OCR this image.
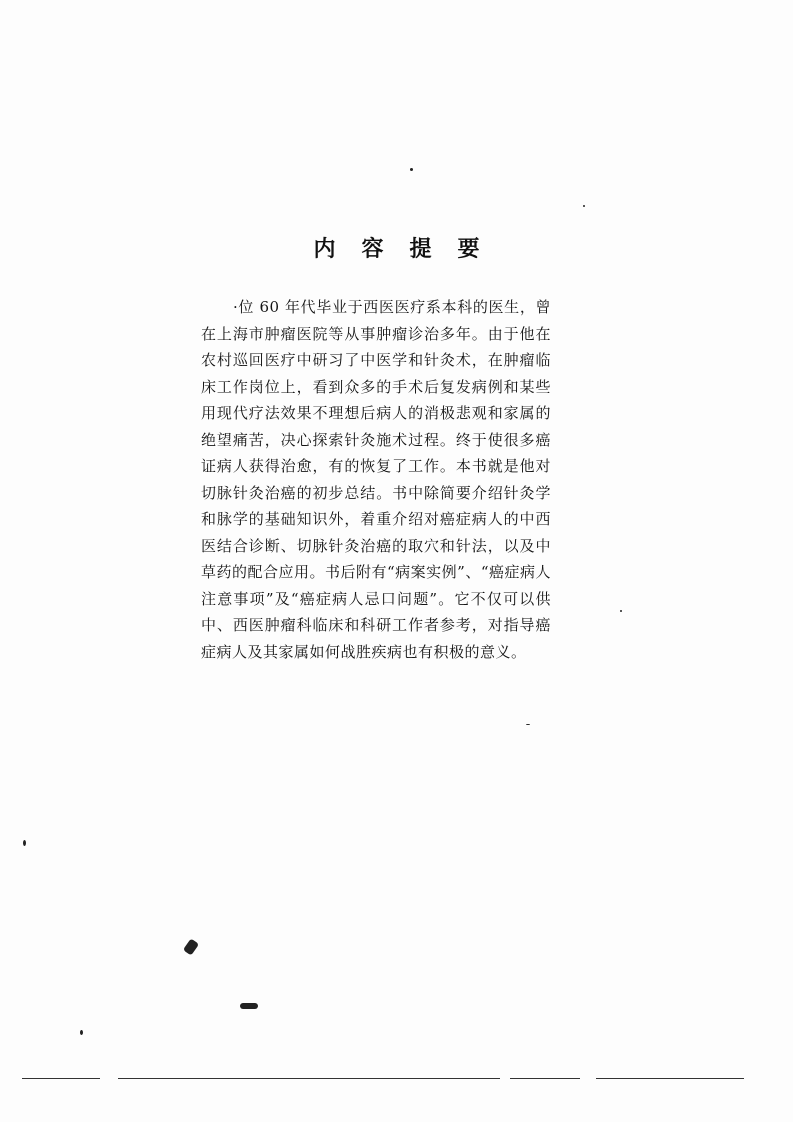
内 容 提 要

·位 60 年代毕业于西医医疗系本科的医生，曾在上海市肿瘤医院等从事肿瘤诊治多年。由于他在农村巡回医疗中研习了中医学和针灸术，在肿瘤临床工作岗位上，看到众多的手术后复发病例和某些用现代疗法效果不理想后病人的消极悲观和家属的绝望痛苦，决心探索针灸施术过程。终于使很多癌证病人获得治愈，有的恢复了工作。本书就是他对切脉针灸治癌的初步总结。书中除简要介绍针灸学和脉学的基础知识外，着重介绍对癌症病人的中西医结合诊断、切脉针灸治癌的取穴和针法，以及中草药的配合应用。书后附有“病案实例”、“癌症病人注意事项”及“癌症病人忌口问题”。它不仅可以供中、西医肿瘤科临床和科研工作者参考，对指导癌症病人及其家属如何战胜疾病也有积极的意义。
